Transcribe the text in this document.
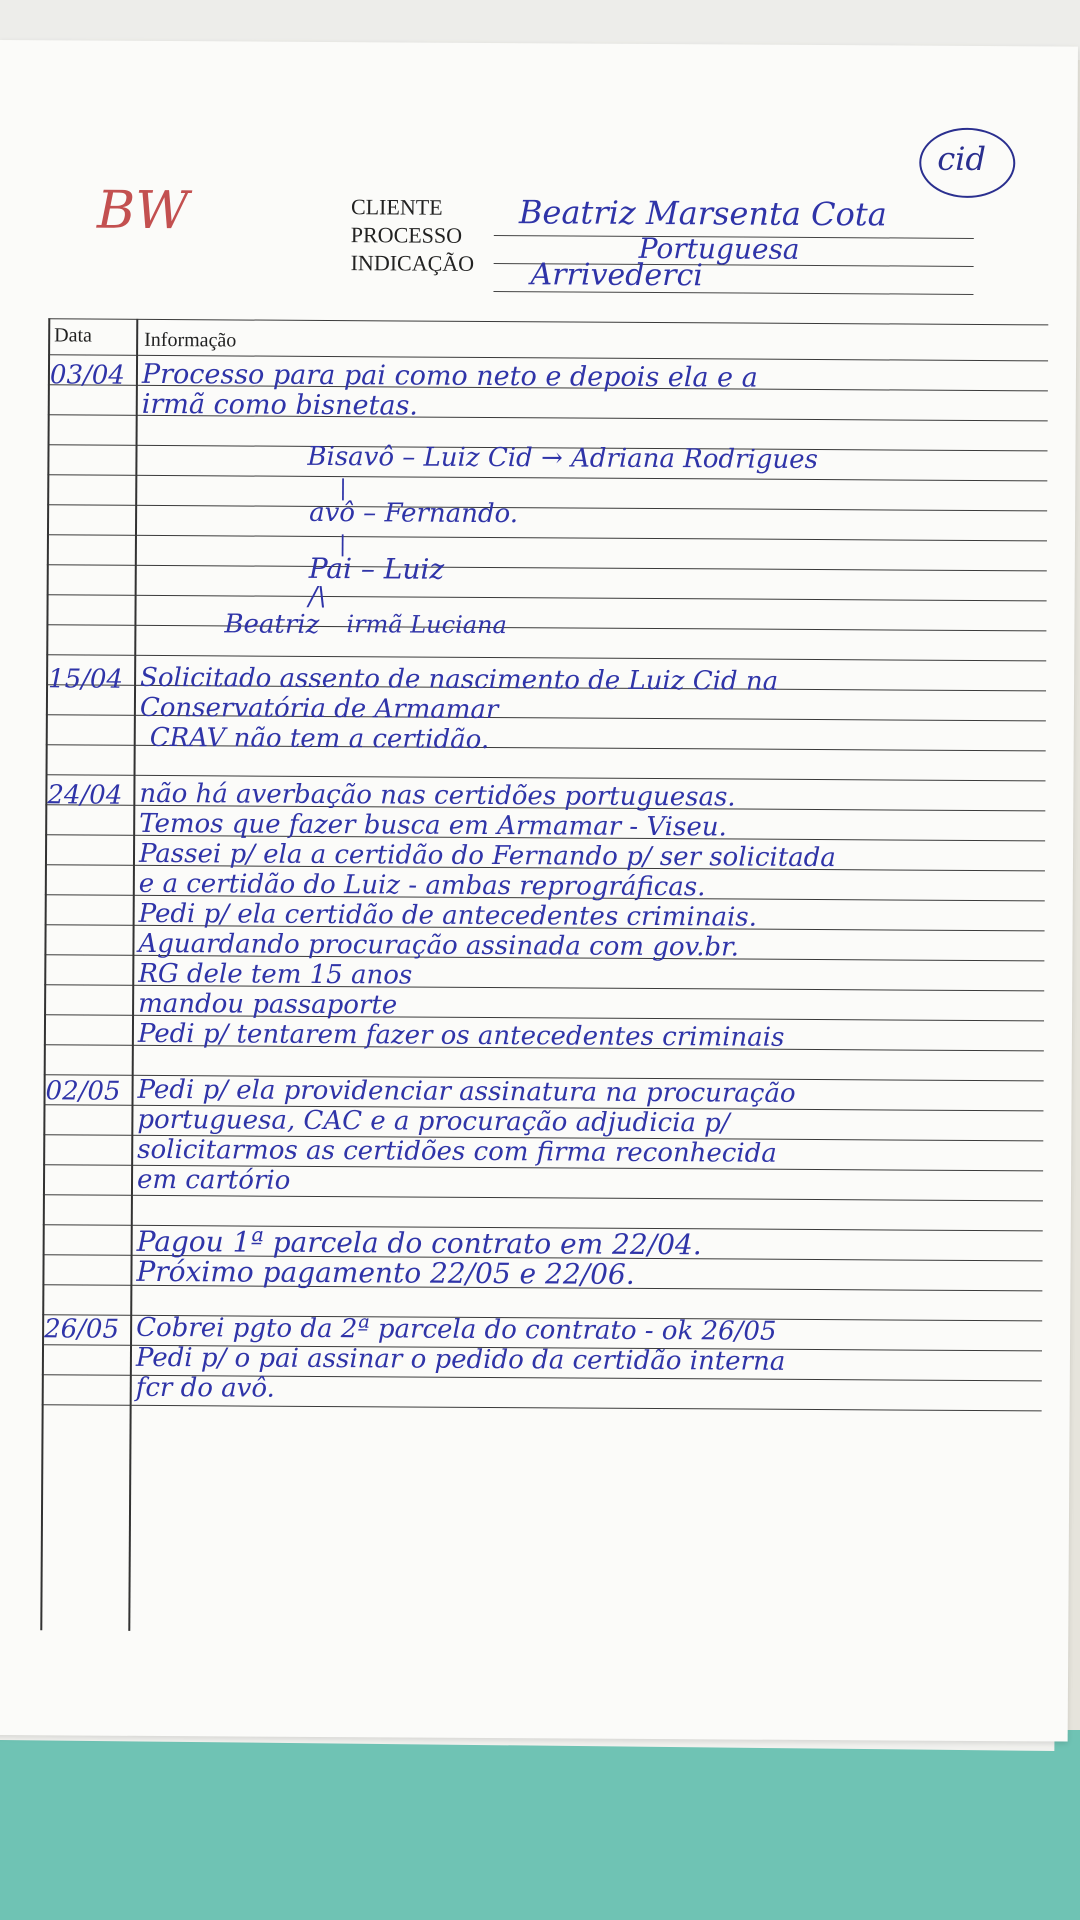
BW
cid
CLIENTE
PROCESSO
INDICAÇÃO
Beatriz Marsenta Cota
Portuguesa
Arrivederci
Data	Informação
03/04 Processo para pai como neto e depois ela e a
irmã como bisnetas.
Bisavô – Luiz Cid → Adriana Rodrigues
|
avô – Fernando.
|
Pai – Luiz
/\
Beatriz irmã Luciana
15/04 Solicitado assento de nascimento de Luiz Cid na
Conservatória de Armamar
CRAV não tem a certidão.
24/04 não há averbação nas certidões portuguesas.
Temos que fazer busca em Armamar - Viseu.
Passei p/ ela a certidão do Fernando p/ ser solicitada
e a certidão do Luiz - ambas reprográficas.
Pedi p/ ela certidão de antecedentes criminais.
Aguardando procuração assinada com gov.br.
RG dele tem 15 anos
mandou passaporte
Pedi p/ tentarem fazer os antecedentes criminais
02/05 Pedi p/ ela providenciar assinatura na procuração
portuguesa, CAC e a procuração adjudicia p/
solicitarmos as certidões com firma reconhecida
em cartório
Pagou 1ª parcela do contrato em 22/04.
Próximo pagamento 22/05 e 22/06.
26/05 Cobrei pgto da 2ª parcela do contrato - ok 26/05
Pedi p/ o pai assinar o pedido da certidão interna
fcr do avô.
